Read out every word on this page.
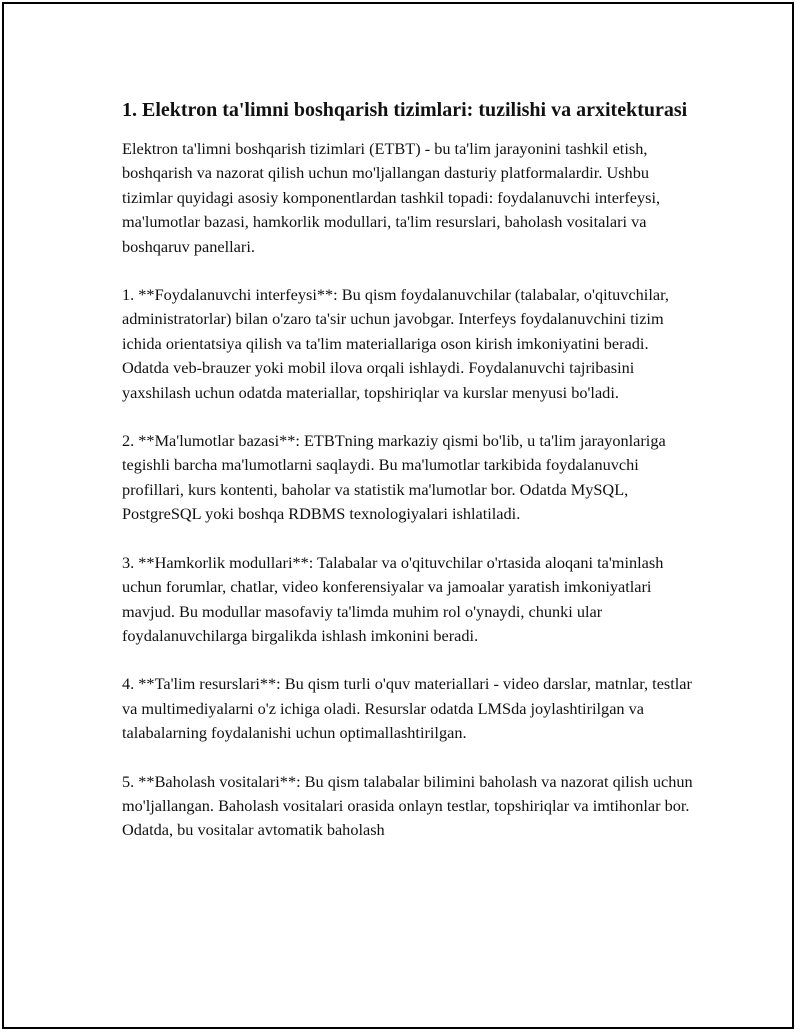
1. Elektron ta'limni boshqarish tizimlari: tuzilishi va arxitekturasi
Elektron ta'limni boshqarish tizimlari (ETBT) - bu ta'lim jarayonini tashkil etish, boshqarish va nazorat qilish uchun mo'ljallangan dasturiy platformalardir. Ushbu tizimlar quyidagi asosiy komponentlardan tashkil topadi: foydalanuvchi interfeysi, ma'lumotlar bazasi, hamkorlik modullari, ta'lim resurslari, baholash vositalari va boshqaruv panellari.
1. **Foydalanuvchi interfeysi**: Bu qism foydalanuvchilar (talabalar, o'qituvchilar, administratorlar) bilan o'zaro ta'sir uchun javobgar. Interfeys foydalanuvchini tizim ichida orientatsiya qilish va ta'lim materiallariga oson kirish imkoniyatini beradi. Odatda veb-brauzer yoki mobil ilova orqali ishlaydi. Foydalanuvchi tajribasini yaxshilash uchun odatda materiallar, topshiriqlar va kurslar menyusi bo'ladi.
2. **Ma'lumotlar bazasi**: ETBTning markaziy qismi bo'lib, u ta'lim jarayonlariga tegishli barcha ma'lumotlarni saqlaydi. Bu ma'lumotlar tarkibida foydalanuvchi profillari, kurs kontenti, baholar va statistik ma'lumotlar bor. Odatda MySQL, PostgreSQL yoki boshqa RDBMS texnologiyalari ishlatiladi.
3. **Hamkorlik modullari**: Talabalar va o'qituvchilar o'rtasida aloqani ta'minlash uchun forumlar, chatlar, video konferensiyalar va jamoalar yaratish imkoniyatlari mavjud. Bu modullar masofaviy ta'limda muhim rol o'ynaydi, chunki ular foydalanuvchilarga birgalikda ishlash imkonini beradi.
4. **Ta'lim resurslari**: Bu qism turli o'quv materiallari - video darslar, matnlar, testlar va multimediyalarni o'z ichiga oladi. Resurslar odatda LMSda joylashtirilgan va talabalarning foydalanishi uchun optimallashtirilgan.
5. **Baholash vositalari**: Bu qism talabalar bilimini baholash va nazorat qilish uchun mo'ljallangan. Baholash vositalari orasida onlayn testlar, topshiriqlar va imtihonlar bor. Odatda, bu vositalar avtomatik baholash
